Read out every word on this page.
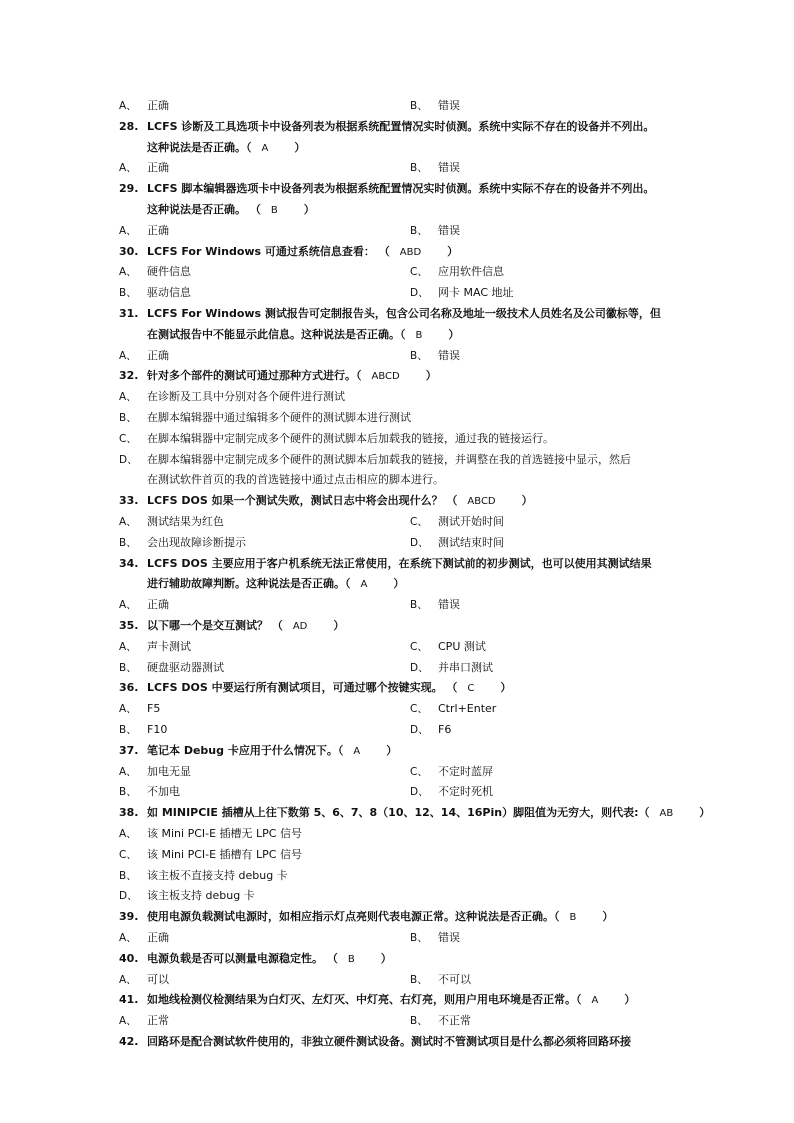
A、 正确	B、 错误
28. LCFS 诊断及工具选项卡中设备列表为根据系统配置情况实时侦测。系统中实际不存在的设备并不列出。
这种说法是否正确。（ A ）
A、 正确	B、 错误
29. LCFS 脚本编辑器选项卡中设备列表为根据系统配置情况实时侦测。系统中实际不存在的设备并不列出。
这种说法是否正确。 （ B ）
A、 正确	B、 错误
30. LCFS For Windows 可通过系统信息查看： （ ABD ）
A、 硬件信息	C、 应用软件信息
B、 驱动信息	D、 网卡 MAC 地址
31. LCFS For Windows 测试报告可定制报告头，包含公司名称及地址一级技术人员姓名及公司徽标等，但
在测试报告中不能显示此信息。这种说法是否正确。（ B ）
A、 正确	B、 错误
32. 针对多个部件的测试可通过那种方式进行。（ ABCD ）
A、 在诊断及工具中分别对各个硬件进行测试
B、 在脚本编辑器中通过编辑多个硬件的测试脚本进行测试
C、 在脚本编辑器中定制完成多个硬件的测试脚本后加载我的链接，通过我的链接运行。
D、 在脚本编辑器中定制完成多个硬件的测试脚本后加载我的链接，并调整在我的首选链接中显示，然后
在测试软件首页的我的首选链接中通过点击相应的脚本进行。
33. LCFS DOS 如果一个测试失败，测试日志中将会出现什么？ （ ABCD ）
A、 测试结果为红色	C、 测试开始时间
B、 会出现故障诊断提示	D、 测试结束时间
34. LCFS DOS 主要应用于客户机系统无法正常使用，在系统下测试前的初步测试，也可以使用其测试结果
进行辅助故障判断。这种说法是否正确。（ A ）
A、 正确	B、 错误
35. 以下哪一个是交互测试？ （ AD ）
A、 声卡测试	C、 CPU 测试
B、 硬盘驱动器测试	D、 并串口测试
36. LCFS DOS 中要运行所有测试项目，可通过哪个按键实现。 （ C ）
A、 F5	C、 Ctrl+Enter
B、 F10	D、 F6
37. 笔记本 Debug 卡应用于什么情况下。（ A ）
A、 加电无显	C、 不定时蓝屏
B、 不加电	D、 不定时死机
38. 如 MINIPCIE 插槽从上往下数第 5、6、7、8（10、12、14、16Pin）脚阻值为无穷大，则代表:（ AB ）
A、 该 Mini PCI-E 插槽无 LPC 信号
C、 该 Mini PCI-E 插槽有 LPC 信号
B、 该主板不直接支持 debug 卡
D、 该主板支持 debug 卡
39. 使用电源负载测试电源时，如相应指示灯点亮则代表电源正常。这种说法是否正确。（ B ）
A、 正确	B、 错误
40. 电源负载是否可以测量电源稳定性。 （ B ）
A、 可以	B、 不可以
41. 如地线检测仪检测结果为白灯灭、左灯灭、中灯亮、右灯亮，则用户用电环境是否正常。（ A ）
A、 正常	B、 不正常
42. 回路环是配合测试软件使用的，非独立硬件测试设备。测试时不管测试项目是什么都必须将回路环接
